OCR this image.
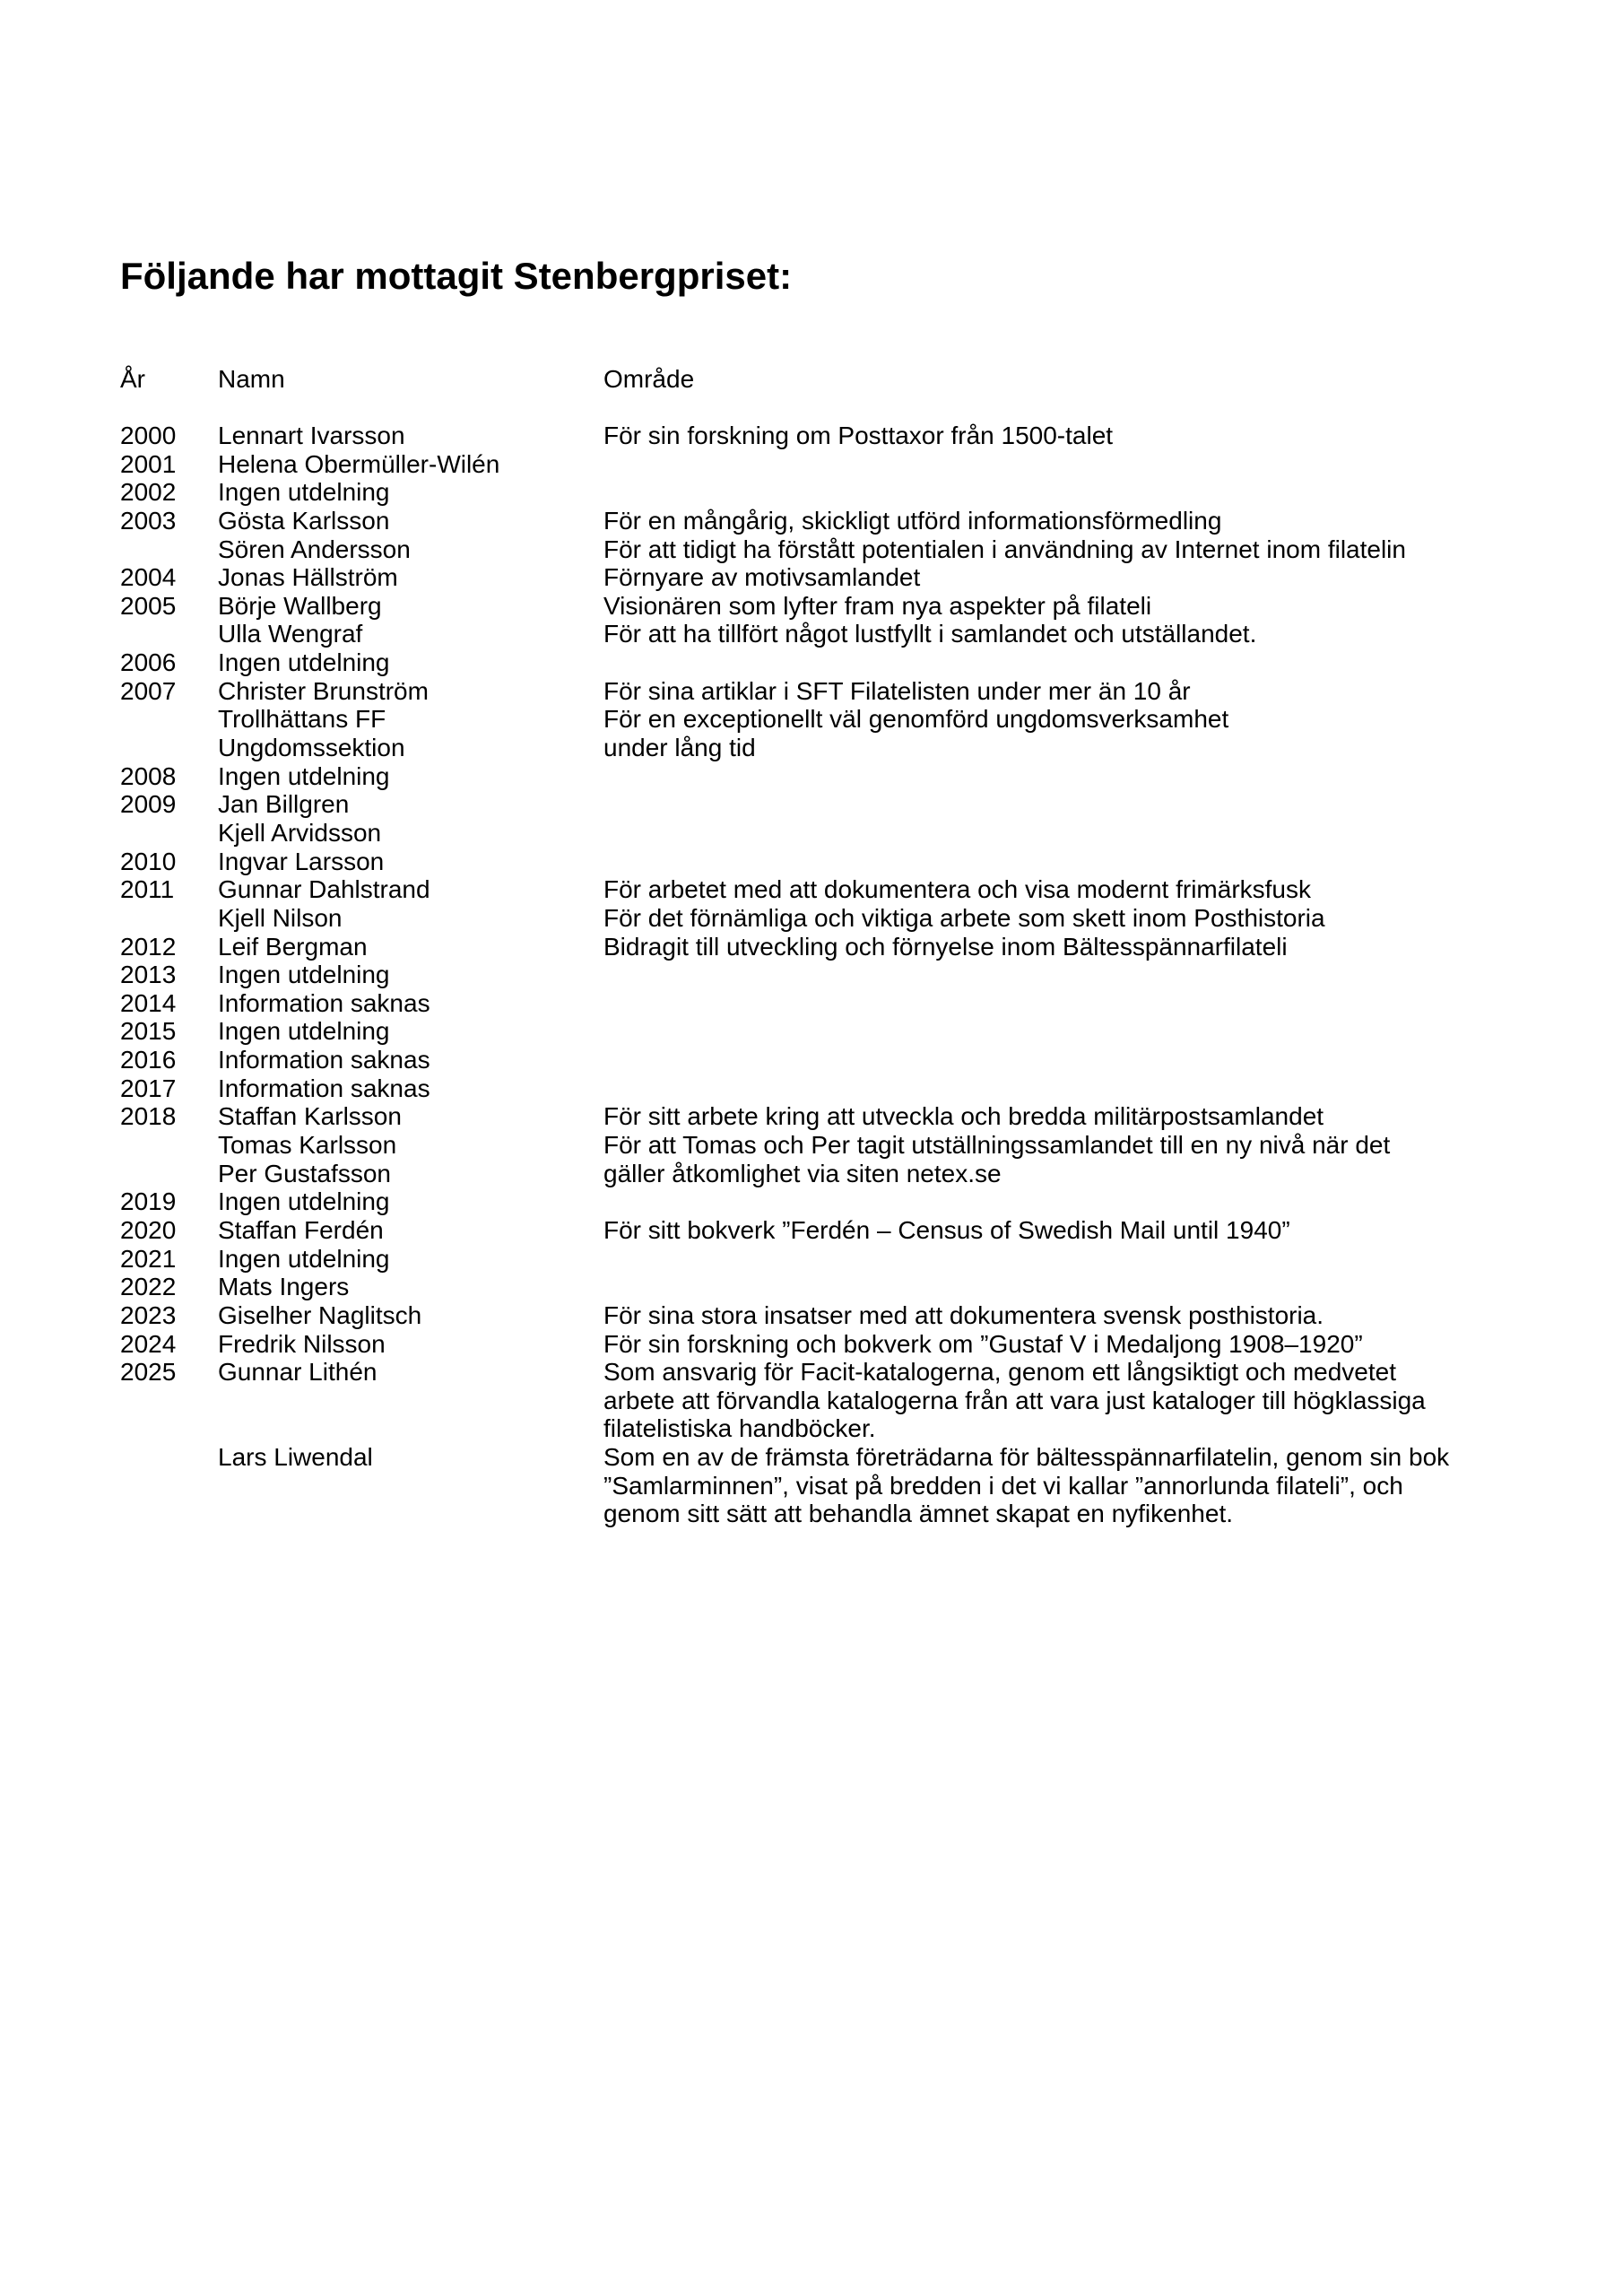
Följande har mottagit Stenbergpriset:
År	Namn	Område
2000 Lennart Ivarsson	För sin forskning om Posttaxor från 1500-talet
2001 Helena Obermüller-Wilén
2002 Ingen utdelning
2003 Gösta Karlsson	För en mångårig, skickligt utförd informationsförmedling
Sören Andersson	För att tidigt ha förstått potentialen i användning av Internet inom filatelin
2004 Jonas Hällström	Förnyare av motivsamlandet
2005 Börje Wallberg	Visionären som lyfter fram nya aspekter på filateli
Ulla Wengraf	För att ha tillfört något lustfyllt i samlandet och utställandet.
2006 Ingen utdelning
2007 Christer Brunström	För sina artiklar i SFT Filatelisten under mer än 10 år
Trollhättans FF	För en exceptionellt väl genomförd ungdomsverksamhet
Ungdomssektion	under lång tid
2008 Ingen utdelning
2009 Jan Billgren
Kjell Arvidsson
2010 Ingvar Larsson
2011 Gunnar Dahlstrand	För arbetet med att dokumentera och visa modernt frimärksfusk
Kjell Nilson	För det förnämliga och viktiga arbete som skett inom Posthistoria
2012 Leif Bergman	Bidragit till utveckling och förnyelse inom Bältesspännarfilateli
2013 Ingen utdelning
2014 Information saknas
2015 Ingen utdelning
2016 Information saknas
2017 Information saknas
2018 Staffan Karlsson	För sitt arbete kring att utveckla och bredda militärpostsamlandet
Tomas Karlsson	För att Tomas och Per tagit utställningssamlandet till en ny nivå när det
Per Gustafsson	gäller åtkomlighet via siten netex.se
2019 Ingen utdelning
2020 Staffan Ferdén	För sitt bokverk ”Ferdén – Census of Swedish Mail until 1940”
2021 Ingen utdelning
2022 Mats Ingers
2023 Giselher Naglitsch	För sina stora insatser med att dokumentera svensk posthistoria.
2024 Fredrik Nilsson	För sin forskning och bokverk om ”Gustaf V i Medaljong 1908–1920”
2025 Gunnar Lithén	Som ansvarig för Facit-katalogerna, genom ett långsiktigt och medvetet
arbete att förvandla katalogerna från att vara just kataloger till högklassiga
filatelistiska handböcker.
Lars Liwendal	Som en av de främsta företrädarna för bältesspännarfilatelin, genom sin bok
”Samlarminnen”, visat på bredden i det vi kallar ”annorlunda filateli”, och
genom sitt sätt att behandla ämnet skapat en nyfikenhet.
